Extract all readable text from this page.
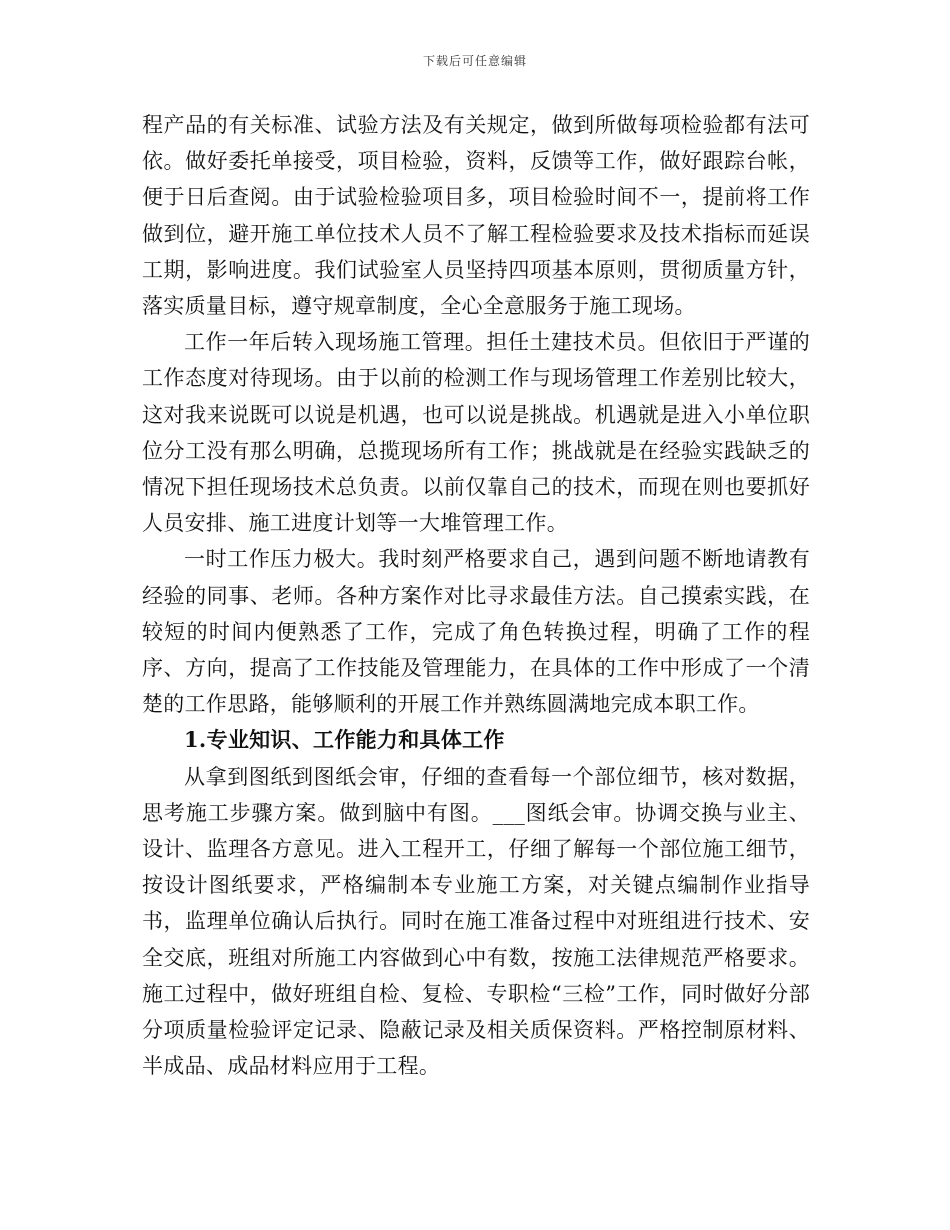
下载后可任意编辑

程产品的有关标准、试验方法及有关规定，做到所做每项检验都有法可依。做好委托单接受，项目检验，资料，反馈等工作，做好跟踪台帐，便于日后查阅。由于试验检验项目多，项目检验时间不一，提前将工作做到位，避开施工单位技术人员不了解工程检验要求及技术指标而延误工期，影响进度。我们试验室人员坚持四项基本原则，贯彻质量方针，落实质量目标，遵守规章制度，全心全意服务于施工现场。

工作一年后转入现场施工管理。担任土建技术员。但依旧于严谨的工作态度对待现场。由于以前的检测工作与现场管理工作差别比较大，这对我来说既可以说是机遇，也可以说是挑战。机遇就是进入小单位职位分工没有那么明确，总揽现场所有工作；挑战就是在经验实践缺乏的情况下担任现场技术总负责。以前仅靠自己的技术，而现在则也要抓好人员安排、施工进度计划等一大堆管理工作。

一时工作压力极大。我时刻严格要求自己，遇到问题不断地请教有经验的同事、老师。各种方案作对比寻求最佳方法。自己摸索实践，在较短的时间内便熟悉了工作，完成了角色转换过程，明确了工作的程序、方向，提高了工作技能及管理能力，在具体的工作中形成了一个清楚的工作思路，能够顺利的开展工作并熟练圆满地完成本职工作。

1.专业知识、工作能力和具体工作

从拿到图纸到图纸会审，仔细的查看每一个部位细节，核对数据，思考施工步骤方案。做到脑中有图。___图纸会审。协调交换与业主、设计、监理各方意见。进入工程开工，仔细了解每一个部位施工细节，按设计图纸要求，严格编制本专业施工方案，对关键点编制作业指导书，监理单位确认后执行。同时在施工准备过程中对班组进行技术、安全交底，班组对所施工内容做到心中有数，按施工法律规范严格要求。施工过程中，做好班组自检、复检、专职检“三检”工作，同时做好分部分项质量检验评定记录、隐蔽记录及相关质保资料。严格控制原材料、半成品、成品材料应用于工程。
